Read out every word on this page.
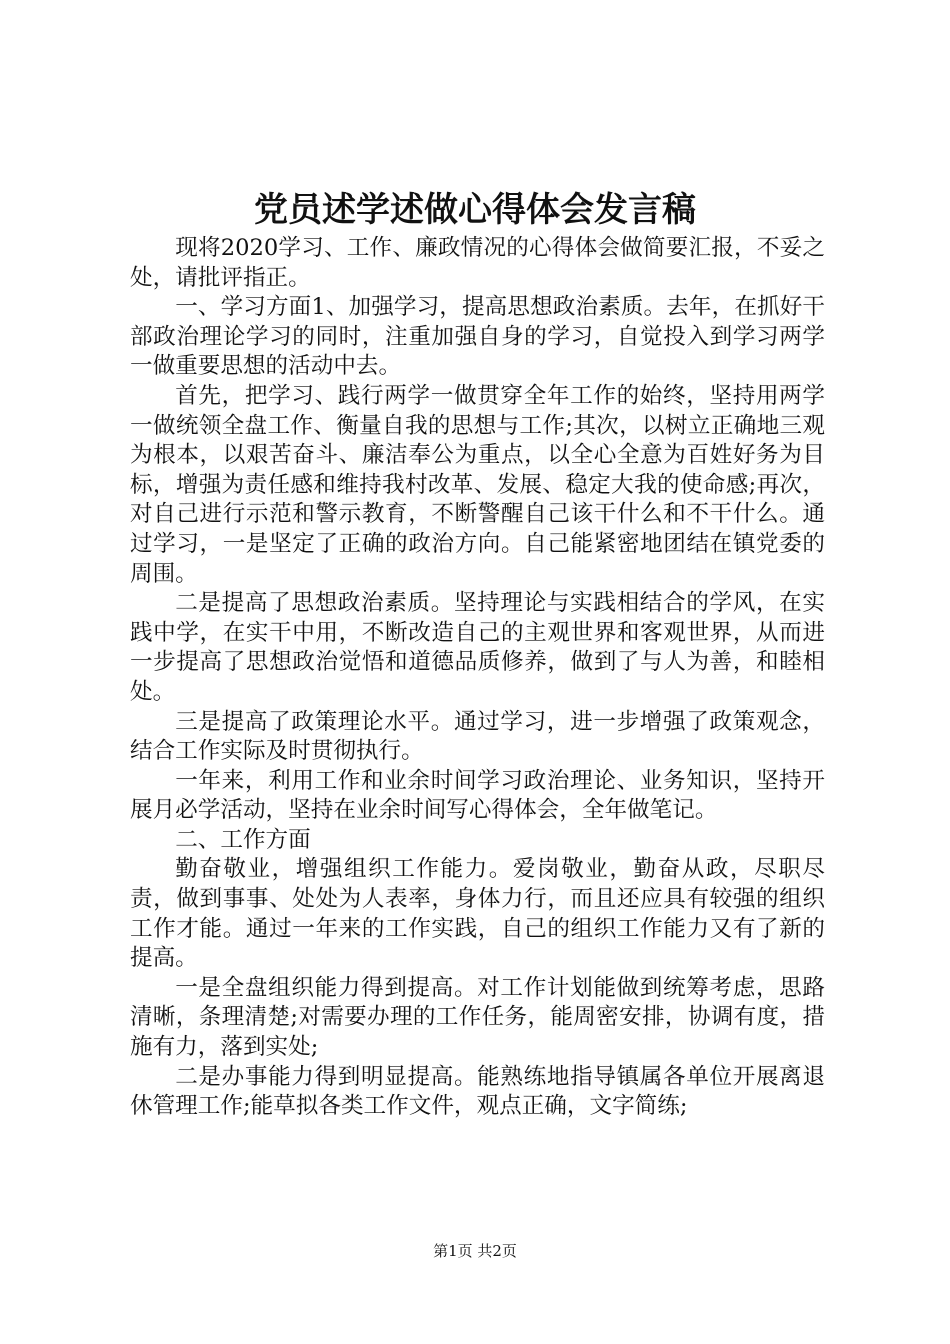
党员述学述做心得体会发言稿

现将2020学习、工作、廉政情况的心得体会做简要汇报，不妥之处，请批评指正。

一、学习方面1、加强学习，提高思想政治素质。去年，在抓好干部政治理论学习的同时，注重加强自身的学习，自觉投入到学习两学一做重要思想的活动中去。

首先，把学习、践行两学一做贯穿全年工作的始终，坚持用两学一做统领全盘工作、衡量自我的思想与工作;其次，以树立正确地三观为根本，以艰苦奋斗、廉洁奉公为重点，以全心全意为百姓好务为目标，增强为责任感和维持我村改革、发展、稳定大我的使命感;再次，对自己进行示范和警示教育，不断警醒自己该干什么和不干什么。通过学习，一是坚定了正确的政治方向。自己能紧密地团结在镇党委的周围。

二是提高了思想政治素质。坚持理论与实践相结合的学风，在实践中学，在实干中用，不断改造自己的主观世界和客观世界，从而进一步提高了思想政治觉悟和道德品质修养，做到了与人为善，和睦相处。

三是提高了政策理论水平。通过学习，进一步增强了政策观念，结合工作实际及时贯彻执行。

一年来，利用工作和业余时间学习政治理论、业务知识，坚持开展月必学活动，坚持在业余时间写心得体会，全年做笔记。

二、工作方面

勤奋敬业，增强组织工作能力。爱岗敬业，勤奋从政，尽职尽责，做到事事、处处为人表率，身体力行，而且还应具有较强的组织工作才能。通过一年来的工作实践，自己的组织工作能力又有了新的提高。

一是全盘组织能力得到提高。对工作计划能做到统筹考虑，思路清晰，条理清楚;对需要办理的工作任务，能周密安排，协调有度，措施有力，落到实处;

二是办事能力得到明显提高。能熟练地指导镇属各单位开展离退休管理工作;能草拟各类工作文件，观点正确，文字简练;

第1页 共2页
